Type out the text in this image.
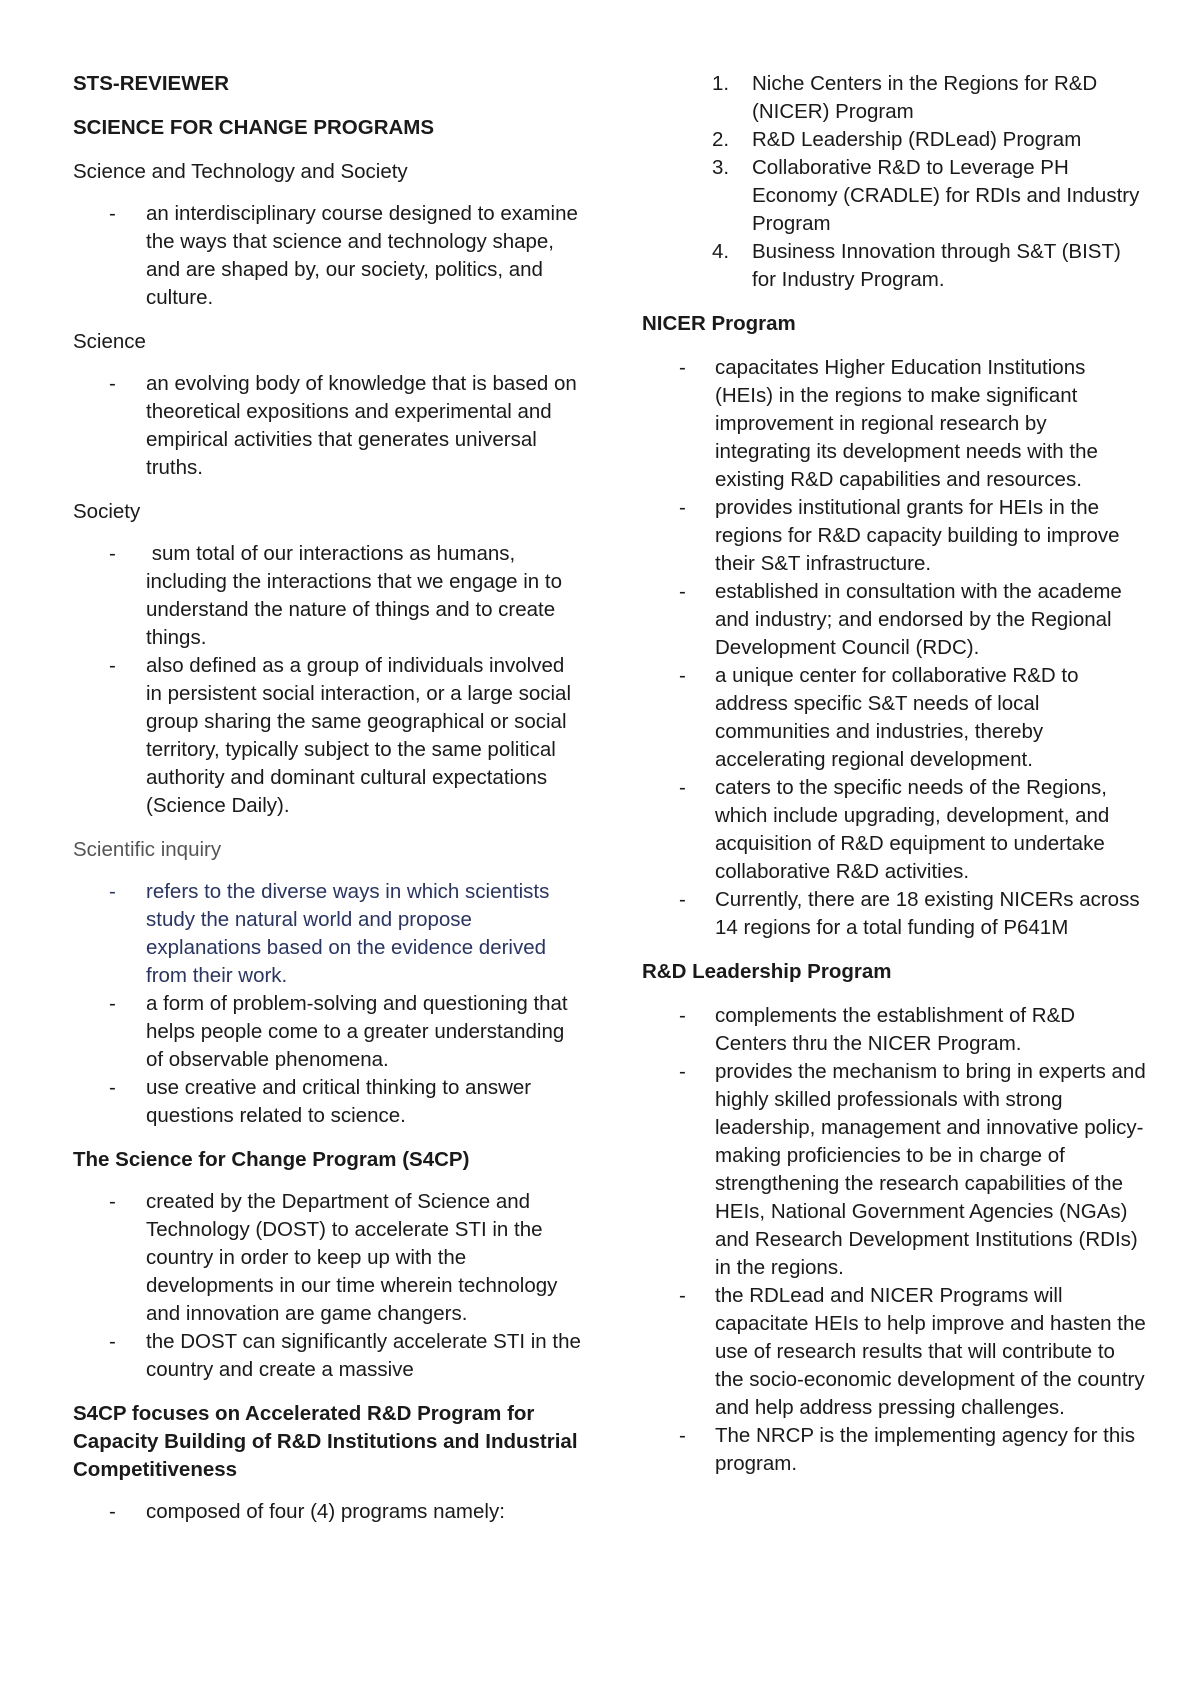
STS-REVIEWER
SCIENCE FOR CHANGE PROGRAMS
Science and Technology and Society
- an interdisciplinary course designed to examine the ways that science and technology shape, and are shaped by, our society, politics, and culture.
Science
- an evolving body of knowledge that is based on theoretical expositions and experimental and empirical activities that generates universal truths.
Society
-  sum total of our interactions as humans, including the interactions that we engage in to understand the nature of things and to create things.
- also defined as a group of individuals involved in persistent social interaction, or a large social group sharing the same geographical or social territory, typically subject to the same political authority and dominant cultural expectations (Science Daily).
Scientific inquiry
- refers to the diverse ways in which scientists study the natural world and propose explanations based on the evidence derived from their work.
- a form of problem-solving and questioning that helps people come to a greater understanding of observable phenomena.
- use creative and critical thinking to answer questions related to science.
The Science for Change Program (S4CP)
- created by the Department of Science and Technology (DOST) to accelerate STI in the country in order to keep up with the developments in our time wherein technology and innovation are game changers.
- the DOST can significantly accelerate STI in the country and create a massive
S4CP focuses on Accelerated R&D Program for Capacity Building of R&D Institutions and Industrial Competitiveness
- composed of four (4) programs namely:
1. Niche Centers in the Regions for R&D (NICER) Program
2. R&D Leadership (RDLead) Program
3. Collaborative R&D to Leverage PH Economy (CRADLE) for RDIs and Industry Program
4. Business Innovation through S&T (BIST) for Industry Program.
NICER Program
- capacitates Higher Education Institutions (HEIs) in the regions to make significant improvement in regional research by integrating its development needs with the existing R&D capabilities and resources.
- provides institutional grants for HEIs in the regions for R&D capacity building to improve their S&T infrastructure.
- established in consultation with the academe and industry; and endorsed by the Regional Development Council (RDC).
- a unique center for collaborative R&D to address specific S&T needs of local communities and industries, thereby accelerating regional development.
- caters to the specific needs of the Regions, which include upgrading, development, and acquisition of R&D equipment to undertake collaborative R&D activities.
- Currently, there are 18 existing NICERs across 14 regions for a total funding of P641M
R&D Leadership Program
- complements the establishment of R&D Centers thru the NICER Program.
- provides the mechanism to bring in experts and highly skilled professionals with strong leadership, management and innovative policy-making proficiencies to be in charge of strengthening the research capabilities of the HEIs, National Government Agencies (NGAs) and Research Development Institutions (RDIs) in the regions.
- the RDLead and NICER Programs will capacitate HEIs to help improve and hasten the use of research results that will contribute to the socio-economic development of the country and help address pressing challenges.
- The NRCP is the implementing agency for this program.
